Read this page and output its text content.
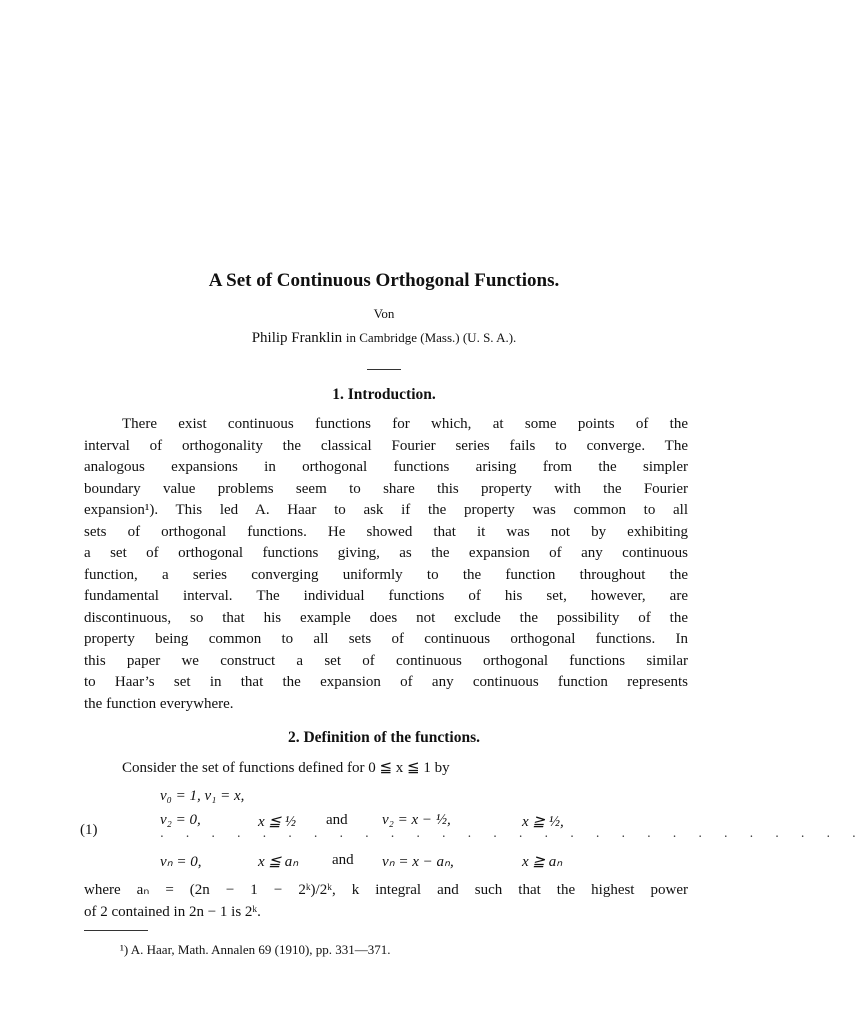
A Set of Continuous Orthogonal Functions.
Von
Philip Franklin in Cambridge (Mass.) (U. S. A.).
1. Introduction.
There exist continuous functions for which, at some points of the
interval of orthogonality the classical Fourier series fails to converge. The
analogous expansions in orthogonal functions arising from the simpler
boundary value problems seem to share this property with the Fourier
expansion¹). This led A. Haar to ask if the property was common to all
sets of orthogonal functions. He showed that it was not by exhibiting
a set of orthogonal functions giving, as the expansion of any continuous
function, a series converging uniformly to the function throughout the
fundamental interval. The individual functions of his set, however, are
discontinuous, so that his example does not exclude the possibility of the
property being common to all sets of continuous orthogonal functions. In
this paper we construct a set of continuous orthogonal functions similar
to Haar’s set in that the expansion of any continuous function represents
the function everywhere.
2. Definition of the functions.
Consider the set of functions defined for 0 ≦ x ≦ 1 by
(1)
v₀ = 1, v₁ = x,
v₂ = 0,	x ≦ ½ and v₂ = x − ½,	x ≧ ½,
. . . . . . . . . . . . . . . . . . . . . . . . . . . .
vₙ = 0,	x ≦ aₙ and vₙ = x − aₙ,	x ≧ aₙ
where aₙ = (2n − 1 − 2ᵏ)/2ᵏ, k integral and such that the highest power
of 2 contained in 2n − 1 is 2ᵏ.
¹) A. Haar, Math. Annalen 69 (1910), pp. 331—371.
